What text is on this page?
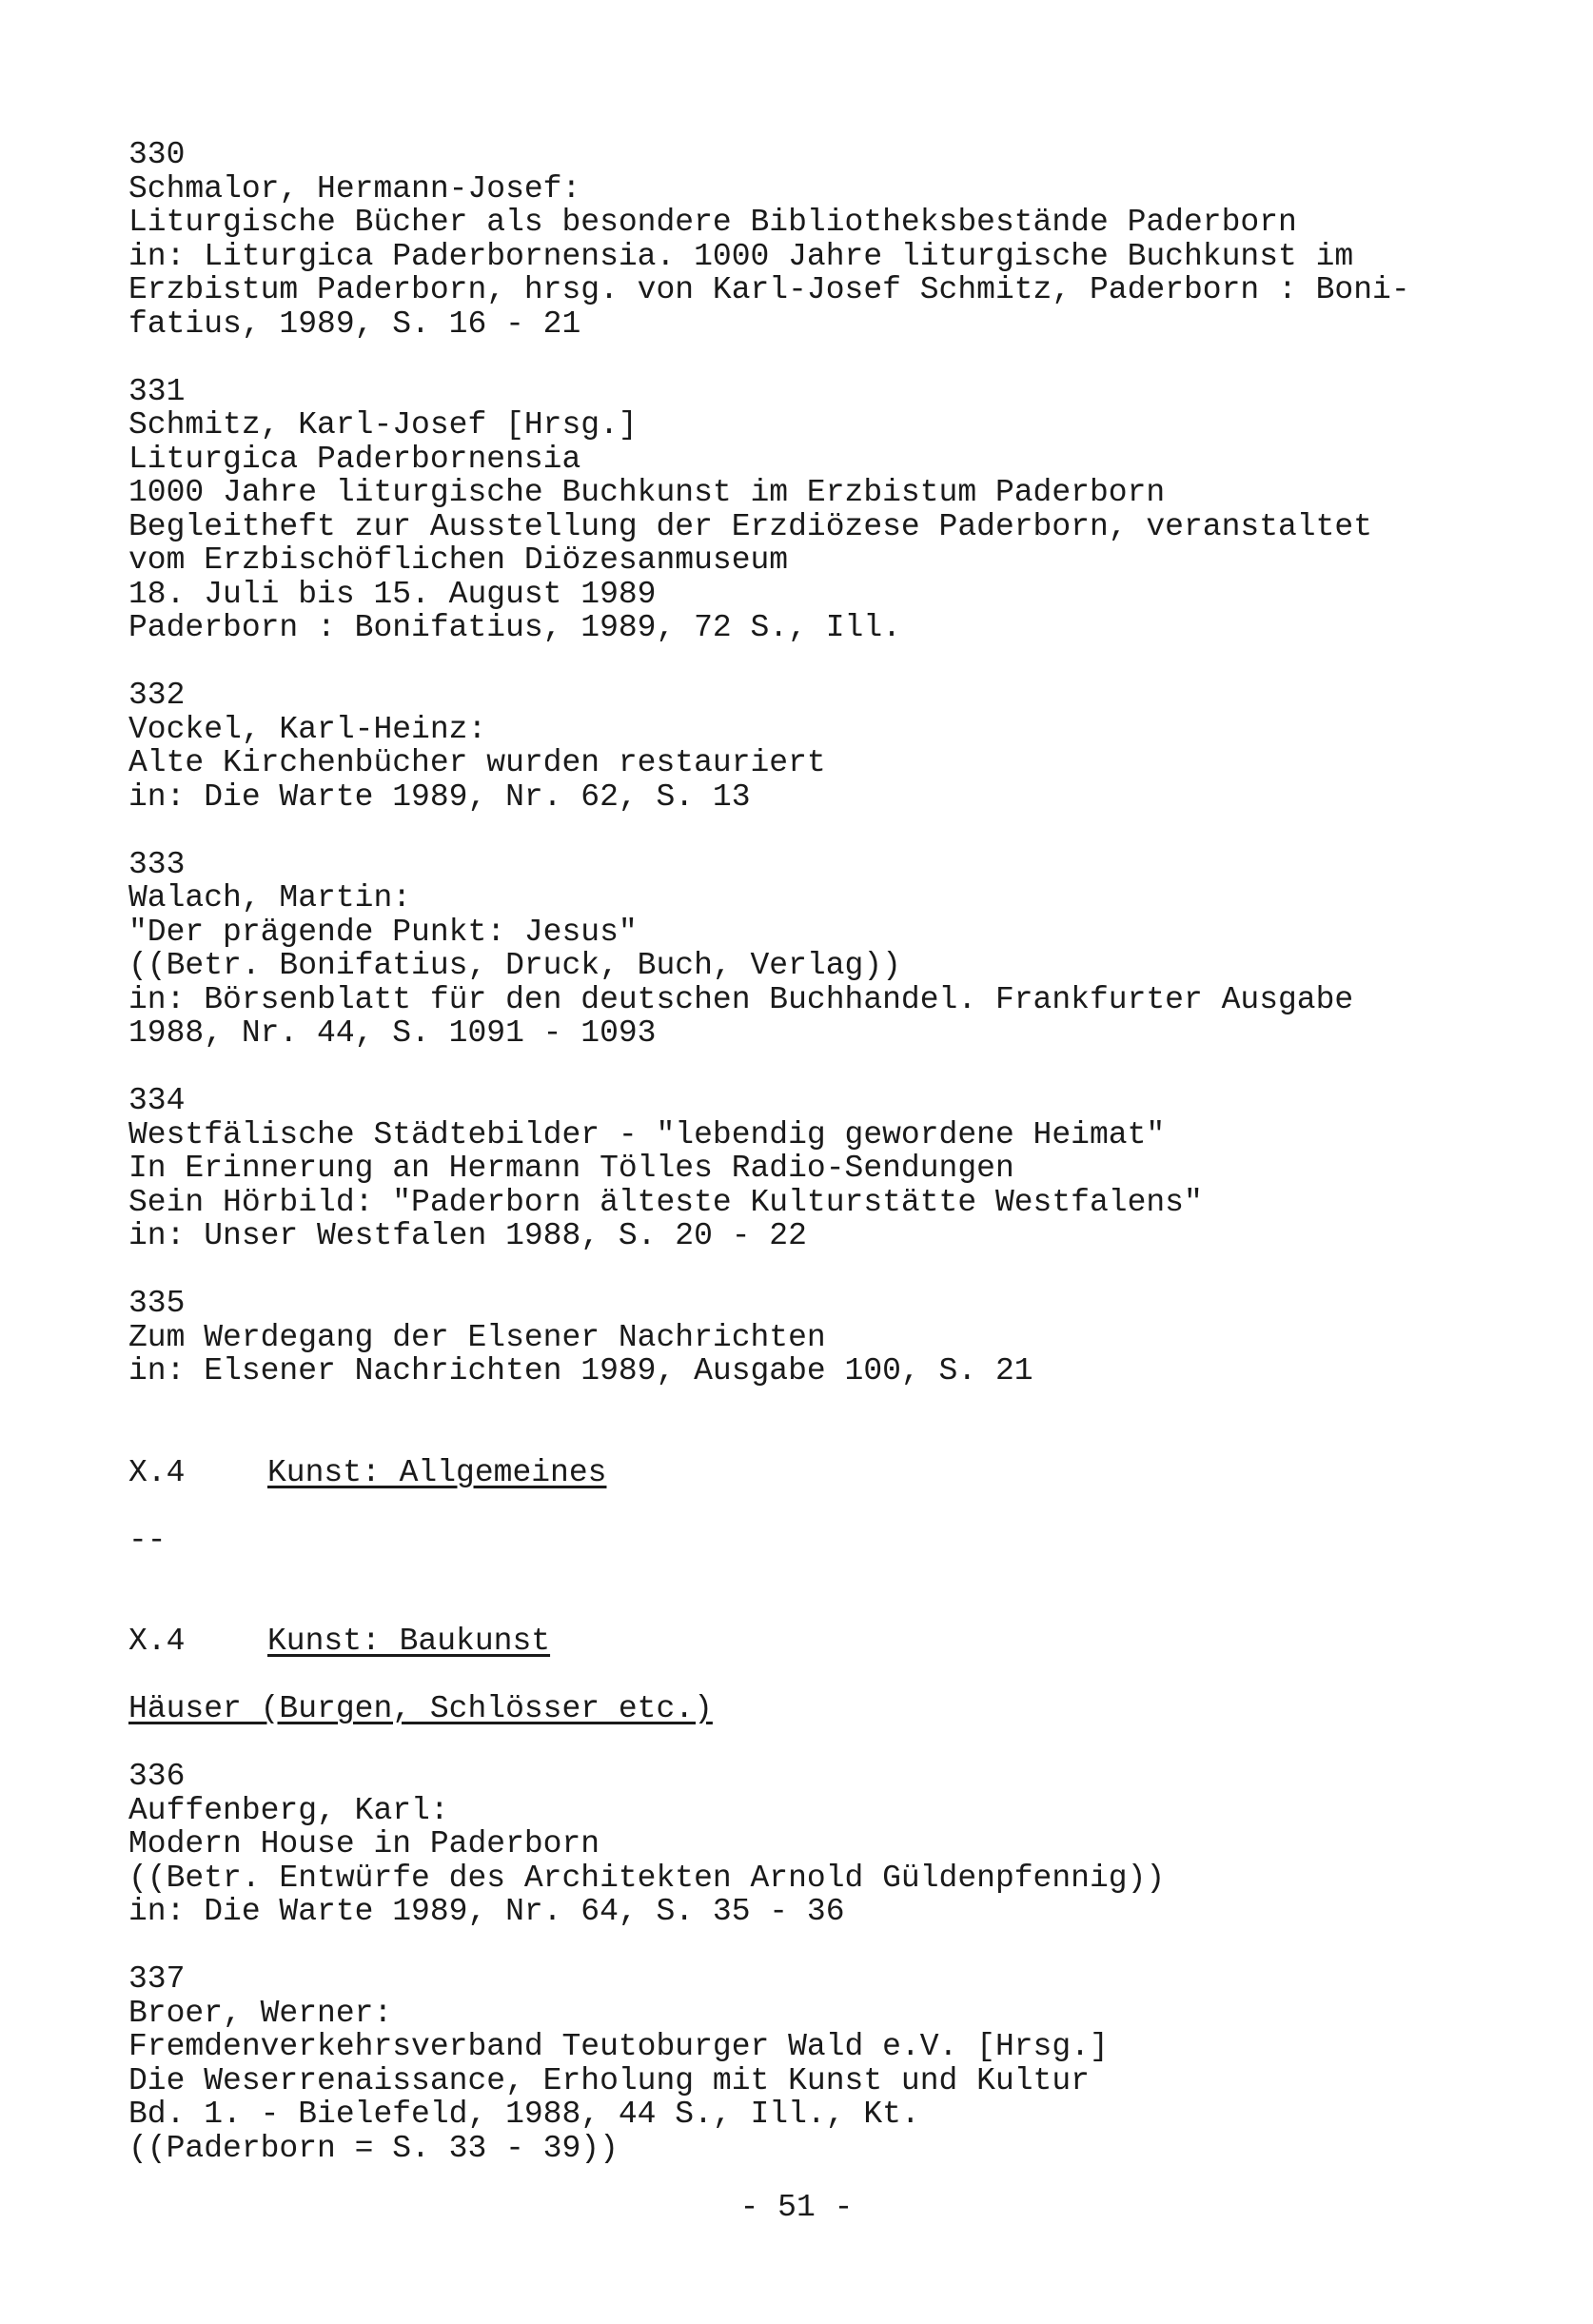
330
Schmalor, Hermann-Josef:
Liturgische Bücher als besondere Bibliotheksbestände Paderborn
in: Liturgica Paderbornensia. 1000 Jahre liturgische Buchkunst im
Erzbistum Paderborn, hrsg. von Karl-Josef Schmitz, Paderborn : Boni-
fatius, 1989, S. 16 - 21
331
Schmitz, Karl-Josef [Hrsg.]
Liturgica Paderbornensia
1000 Jahre liturgische Buchkunst im Erzbistum Paderborn
Begleitheft zur Ausstellung der Erzdiözese Paderborn, veranstaltet
vom Erzbischöflichen Diözesanmuseum
18. Juli bis 15. August 1989
Paderborn : Bonifatius, 1989, 72 S., Ill.
332
Vockel, Karl-Heinz:
Alte Kirchenbücher wurden restauriert
in: Die Warte 1989, Nr. 62, S. 13
333
Walach, Martin:
"Der prägende Punkt: Jesus"
((Betr. Bonifatius, Druck, Buch, Verlag))
in: Börsenblatt für den deutschen Buchhandel. Frankfurter Ausgabe
1988, Nr. 44, S. 1091 - 1093
334
Westfälische Städtebilder - "lebendig gewordene Heimat"
In Erinnerung an Hermann Tölles Radio-Sendungen
Sein Hörbild: "Paderborn älteste Kulturstätte Westfalens"
in: Unser Westfalen 1988, S. 20 - 22
335
Zum Werdegang der Elsener Nachrichten
in: Elsener Nachrichten 1989, Ausgabe 100, S. 21
X.4	Kunst: Allgemeines
--
X.4	Kunst: Baukunst
Häuser (Burgen, Schlösser etc.)
336
Auffenberg, Karl:
Modern House in Paderborn
((Betr. Entwürfe des Architekten Arnold Güldenpfennig))
in: Die Warte 1989, Nr. 64, S. 35 - 36
337
Broer, Werner:
Fremdenverkehrsverband Teutoburger Wald e.V. [Hrsg.]
Die Weserrenaissance, Erholung mit Kunst und Kultur
Bd. 1. - Bielefeld, 1988, 44 S., Ill., Kt.
((Paderborn = S. 33 - 39))
- 51 -
